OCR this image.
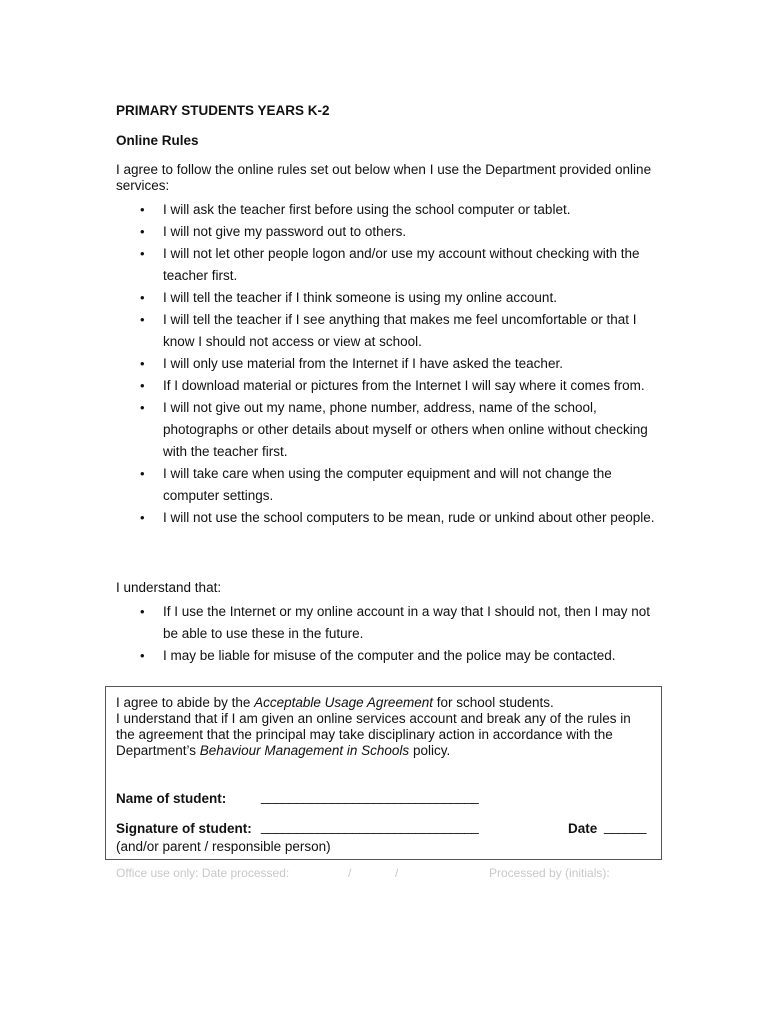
PRIMARY STUDENTS YEARS K-2
Online Rules
I agree to follow the online rules set out below when I use the Department provided online services:
• I will ask the teacher first before using the school computer or tablet.
• I will not give my password out to others.
• I will not let other people logon and/or use my account without checking with the teacher first.
• I will tell the teacher if I think someone is using my online account.
• I will tell the teacher if I see anything that makes me feel uncomfortable or that I know I should not access or view at school.
• I will only use material from the Internet if I have asked the teacher.
• If I download material or pictures from the Internet I will say where it comes from.
• I will not give out my name, phone number, address, name of the school, photographs or other details about myself or others when online without checking with the teacher first.
• I will take care when using the computer equipment and will not change the computer settings.
• I will not use the school computers to be mean, rude or unkind about other people.
I understand that:
• If I use the Internet or my online account in a way that I should not, then I may not be able to use these in the future.
• I may be liable for misuse of the computer and the police may be contacted.

I agree to abide by the Acceptable Usage Agreement for school students.

I understand that if I am given an online services account and break any of the rules in the agreement that the principal may take disciplinary action in accordance with the Department’s Behaviour Management in Schools policy.

Name of student:	_______________________________
Signature of student: _______________________________	Date ______
(and/or parent / responsible person)
Office use only: Date processed:	/	/	Processed by (initials):
